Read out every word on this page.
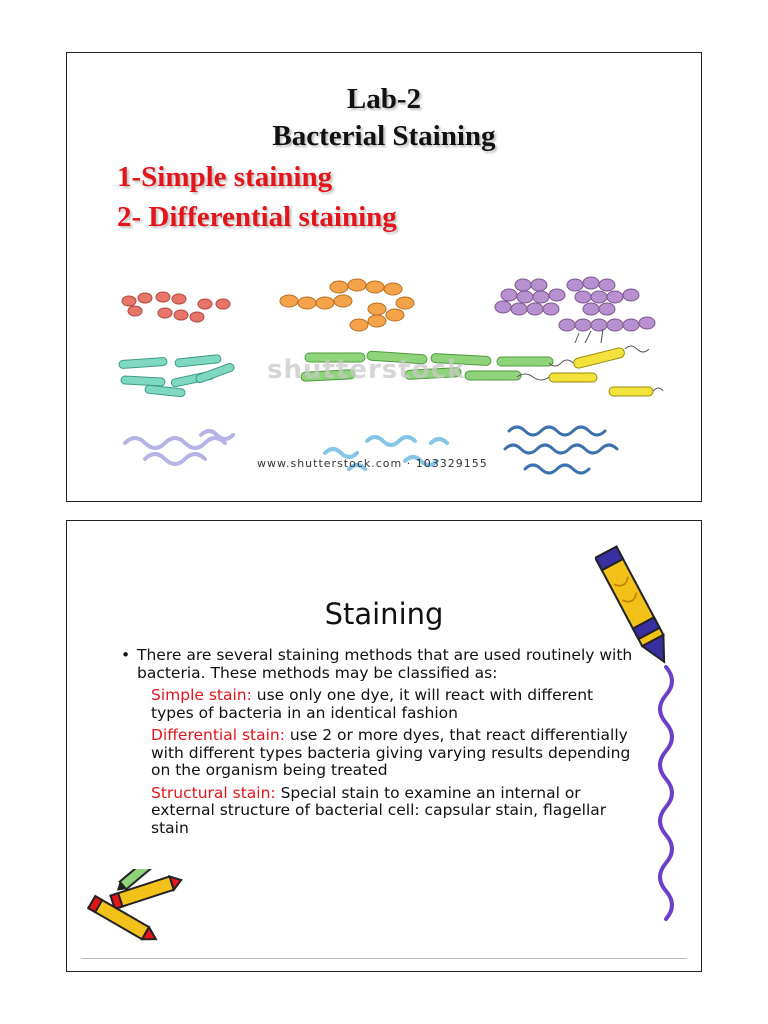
Lab-2
Bacterial Staining
1-Simple staining
2- Differential staining
shutterstock
www.shutterstock.com · 103329155
Staining
• There are several staining methods that are used routinely with bacteria. These methods may be classified as:
Simple stain: use only one dye, it will react with different types of bacteria in an identical fashion
Differential stain: use 2 or more dyes, that react differentially with different types bacteria giving varying results depending on the organism being treated
Structural stain: Special stain to examine an internal or external structure of bacterial cell: capsular stain, flagellar stain
